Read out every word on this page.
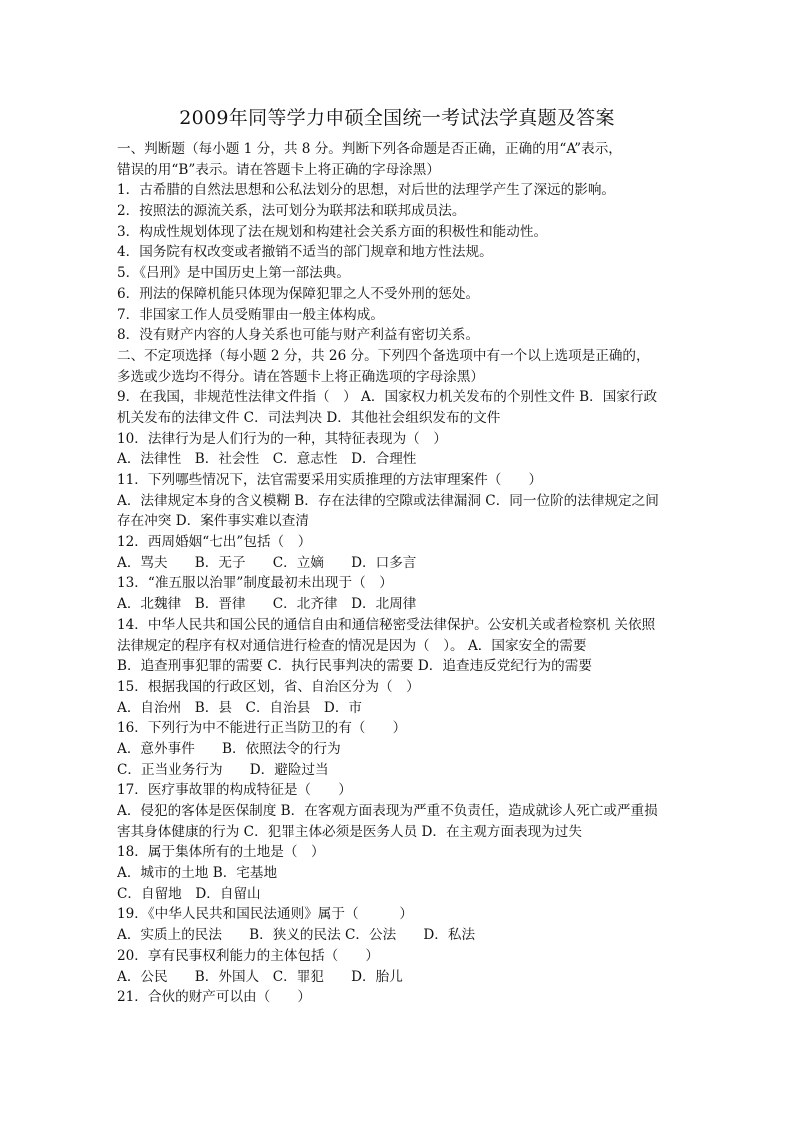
2009年同等学力申硕全国统一考试法学真题及答案
一、判断题（每小题 1 分，共 8 分。判断下列各命题是否正确，正确的用“A”表示，
错误的用“B”表示。请在答题卡上将正确的字母涂黑）
1．古希腊的自然法思想和公私法划分的思想，对后世的法理学产生了深远的影响。
2．按照法的源流关系，法可划分为联邦法和联邦成员法。
3．构成性规划体现了法在规划和构建社会关系方面的积极性和能动性。
4．国务院有权改变或者撤销不适当的部门规章和地方性法规。
5．《吕刑》是中国历史上第一部法典。
6．刑法的保障机能只体现为保障犯罪之人不受外刑的惩处。
7．非国家工作人员受贿罪由一般主体构成。
8．没有财产内容的人身关系也可能与财产利益有密切关系。
二、不定项选择（每小题 2 分，共 26 分。下列四个备选项中有一个以上选项是正确的，
多选或少选均不得分。请在答题卡上将正确选项的字母涂黑）
9．在我国，非规范性法律文件指（　） A．国家权力机关发布的个别性文件 B．国家行政
机关发布的法律文件 C．司法判决 D．其他社会组织发布的文件
10．法律行为是人们行为的一种，其特征表现为（　）
A．法律性　B．社会性　C．意志性　D．合理性
11．下列哪些情况下，法官需要采用实质推理的方法审理案件（　　）
A．法律规定本身的含义模糊 B．存在法律的空隙或法律漏洞 C．同一位阶的法律规定之间
存在冲突 D．案件事实难以查清
12．西周婚姻“七出”包括（　）
A．骂夫　　B．无子　　C．立嫡　　D．口多言
13．“准五服以治罪”制度最初未出现于（　）
A．北魏律　B．晋律　　C．北齐律　D．北周律
14．中华人民共和国公民的通信自由和通信秘密受法律保护。公安机关或者检察机 关依照
法律规定的程序有权对通信进行检查的情况是因为（　）。 A．国家安全的需要
B．追查刑事犯罪的需要 C．执行民事判决的需要 D．追查违反党纪行为的需要
15．根据我国的行政区划，省、自治区分为（　）
A．自治州　B．县　C．自治县　D．市
16．下列行为中不能进行正当防卫的有（　　）
A．意外事件　　B．依照法令的行为
C．正当业务行为　　D．避险过当
17．医疗事故罪的构成特征是（　　）
A．侵犯的客体是医保制度 B．在客观方面表现为严重不负责任，造成就诊人死亡或严重损
害其身体健康的行为 C．犯罪主体必须是医务人员 D．在主观方面表现为过失
18．属于集体所有的土地是（　）
A．城市的土地 B．宅基地
C．自留地　D．自留山
19．《中华人民共和国民法通则》属于（　　　）
A．实质上的民法　　B．狭义的民法 C．公法　　D．私法
20．享有民事权利能力的主体包括（　　）
A．公民　　B．外国人　C．罪犯　　D．胎儿
21．合伙的财产可以由（　　）
